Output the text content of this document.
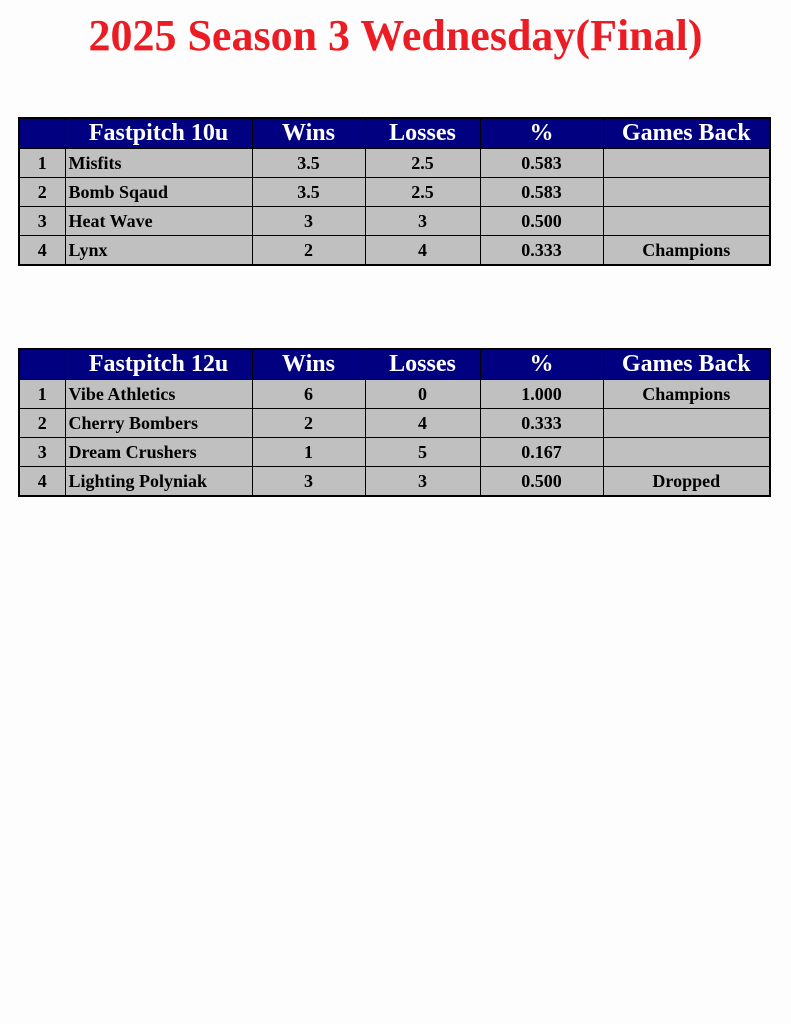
2025 Season 3 Wednesday(Final)
	Fastpitch 10u	Wins	Losses	%	Games Back
1	Misfits	3.5	2.5	0.583	
2	Bomb Sqaud	3.5	2.5	0.583	
3	Heat Wave	3	3	0.500	
4	Lynx	2	4	0.333	Champions
	Fastpitch 12u	Wins	Losses	%	Games Back
1	Vibe Athletics	6	0	1.000	Champions
2	Cherry Bombers	2	4	0.333	
3	Dream Crushers	1	5	0.167	
4	Lighting Polyniak	3	3	0.500	Dropped
